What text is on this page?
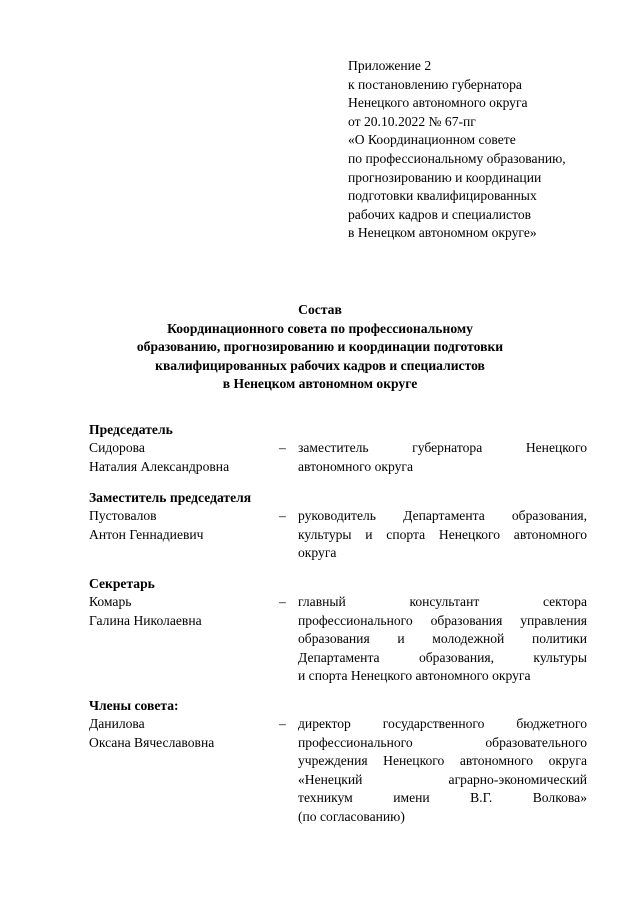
Приложение 2
к постановлению губернатора
Ненецкого автономного округа
от 20.10.2022 № 67-пг
«О Координационном совете
по профессиональному образованию,
прогнозированию и координации
подготовки квалифицированных
рабочих кадров и специалистов
в Ненецком автономном округе»
Состав
Координационного совета по профессиональному
образованию, прогнозированию и координации подготовки
квалифицированных рабочих кадров и специалистов
в Ненецком автономном округе
Председатель
Сидорова
Наталия Александровна
– заместитель губернатора Ненецкого
автономного округа
Заместитель председателя
Пустовалов
Антон Геннадиевич
– руководитель Департамента образования,
культуры и спорта Ненецкого автономного
округа
Секретарь
Комарь
Галина Николаевна
– главный консультант сектора
профессионального образования управления
образования и молодежной политики
Департамента образования, культуры
и спорта Ненецкого автономного округа
Члены совета:
Данилова
Оксана Вячеславовна
– директор государственного бюджетного
профессионального образовательного
учреждения Ненецкого автономного округа
«Ненецкий аграрно-экономический
техникум имени В.Г. Волкова»
(по согласованию)
